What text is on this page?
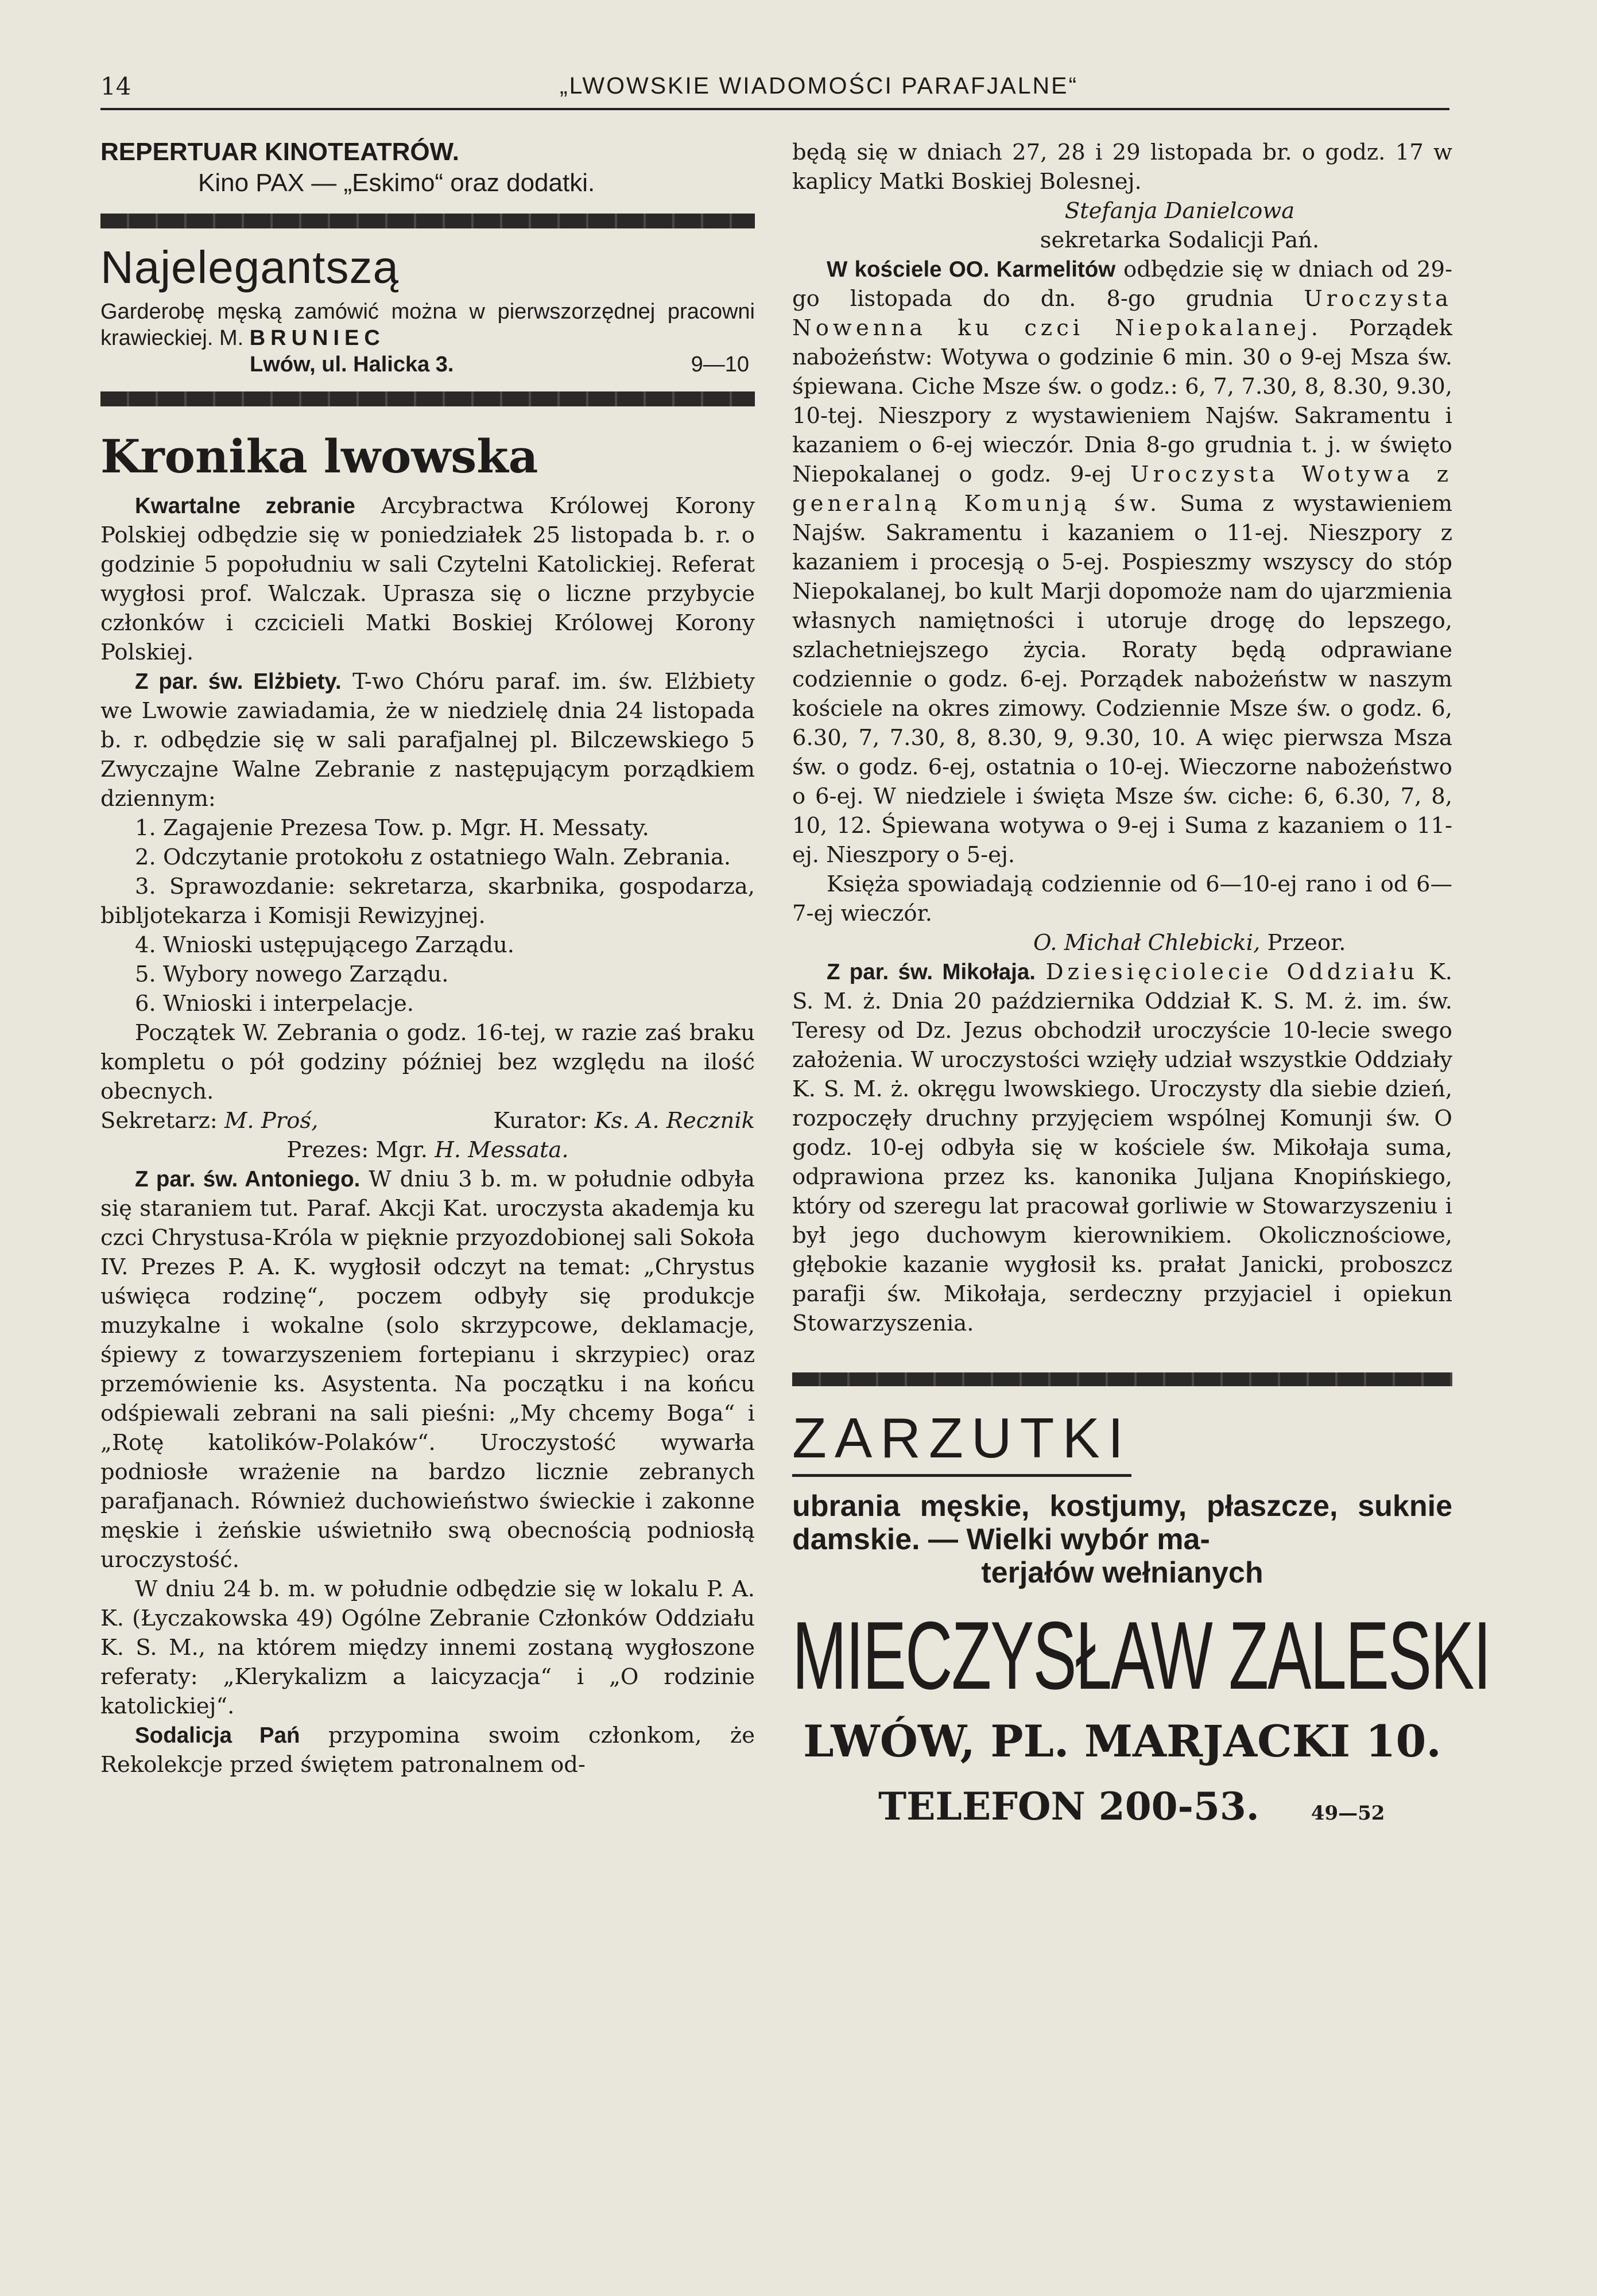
14	„LWOWSKIE WIADOMOŚCI PARAFJALNE“

REPERTUAR KINOTEATRÓW.

Kino PAX — „Eskimo“ oraz dodatki.

Najelegantszą

Garderobę męską zamówić można w pierwszorzędnej pracowni krawieckiej. M. BRUNIEC
Lwów, ul. Halicka 3.	9—10

Kronika lwowska

Kwartalne zebranie Arcybractwa Królowej Korony Polskiej odbędzie się w poniedziałek 25 listopada b. r. o godzinie 5 popołudniu w sali Czytelni Katolickiej. Referat wygłosi prof. Walczak. Uprasza się o liczne przybycie członków i czcicieli Matki Boskiej Królowej Korony Polskiej.

Z par. św. Elżbiety. T-wo Chóru paraf. im. św. Elżbiety we Lwowie zawiadamia, że w niedzielę dnia 24 listopada b. r. odbędzie się w sali parafjalnej pl. Bilczewskiego 5 Zwyczajne Walne Zebranie z następującym porządkiem dziennym:

1. Zagajenie Prezesa Tow. p. Mgr. H. Messaty.

2. Odczytanie protokołu z ostatniego Waln. Zebrania.

3. Sprawozdanie: sekretarza, skarbnika, gospodarza, bibljotekarza i Komisji Rewizyjnej.

4. Wnioski ustępującego Zarządu.

5. Wybory nowego Zarządu.

6. Wnioski i interpelacje.

Początek W. Zebrania o godz. 16-tej, w razie zaś braku kompletu o pół godziny później bez względu na ilość obecnych.

Sekretarz: M. Proś,	Kurator: Ks. A. Recznik

Prezes: Mgr. H. Messata.

Z par. św. Antoniego. W dniu 3 b. m. w południe odbyła się staraniem tut. Paraf. Akcji Kat. uroczysta akademja ku czci Chrystusa-Króla w pięknie przyozdobionej sali Sokoła IV. Prezes P. A. K. wygłosił odczyt na temat: „Chrystus uświęca rodzinę“, poczem odbyły się produkcje muzykalne i wokalne (solo skrzypcowe, deklamacje, śpiewy z towarzyszeniem fortepianu i skrzypiec) oraz przemówienie ks. Asystenta. Na początku i na końcu odśpiewali zebrani na sali pieśni: „My chcemy Boga“ i „Rotę katolików-Polaków“. Uroczystość wywarła podniosłe wrażenie na bardzo licznie zebranych parafjanach. Również duchowieństwo świeckie i zakonne męskie i żeńskie uświetniło swą obecnością podniosłą uroczystość.

W dniu 24 b. m. w południe odbędzie się w lokalu P. A. K. (Łyczakowska 49) Ogólne Zebranie Członków Oddziału K. S. M., na którem między innemi zostaną wygłoszone referaty: „Klerykalizm a laicyzacja“ i „O rodzinie katolickiej“.

Sodalicja Pań przypomina swoim członkom, że Rekolekcje przed świętem patronalnem od-

będą się w dniach 27, 28 i 29 listopada br. o godz. 17 w kaplicy Matki Boskiej Bolesnej.

Stefanja Danielcowa

sekretarka Sodalicji Pań.

W kościele OO. Karmelitów odbędzie się w dniach od 29-go listopada do dn. 8-go grudnia Uroczysta Nowenna ku czci Niepokalanej. Porządek nabożeństw: Wotywa o godzinie 6 min. 30 o 9-ej Msza św. śpiewana. Ciche Msze św. o godz.: 6, 7, 7.30, 8, 8.30, 9.30, 10-tej. Nieszpory z wystawieniem Najśw. Sakramentu i kazaniem o 6-ej wieczór. Dnia 8-go grudnia t. j. w święto Niepokalanej o godz. 9-ej Uroczysta Wotywa z generalną Komunją św. Suma z wystawieniem Najśw. Sakramentu i kazaniem o 11-ej. Nieszpory z kazaniem i procesją o 5-ej. Pospieszmy wszyscy do stóp Niepokalanej, bo kult Marji dopomoże nam do ujarzmienia własnych namiętności i utoruje drogę do lepszego, szlachetniejszego życia. Roraty będą odprawiane codziennie o godz. 6-ej. Porządek nabożeństw w naszym kościele na okres zimowy. Codziennie Msze św. o godz. 6, 6.30, 7, 7.30, 8, 8.30, 9, 9.30, 10. A więc pierwsza Msza św. o godz. 6-ej, ostatnia o 10-ej. Wieczorne nabożeństwo o 6-ej. W niedziele i święta Msze św. ciche: 6, 6.30, 7, 8, 10, 12. Śpiewana wotywa o 9-ej i Suma z kazaniem o 11-ej. Nieszpory o 5-ej.

Księża spowiadają codziennie od 6—10-ej rano i od 6—7-ej wieczór.

O. Michał Chlebicki, Przeor.

Z par. św. Mikołaja. Dziesięciolecie Oddziału K. S. M. ż. Dnia 20 października Oddział K. S. M. ż. im. św. Teresy od Dz. Jezus obchodził uroczyście 10-lecie swego założenia. W uroczystości wzięły udział wszystkie Oddziały K. S. M. ż. okręgu lwowskiego. Uroczysty dla siebie dzień, rozpoczęły druchny przyjęciem wspólnej Komunji św. O godz. 10-ej odbyła się w kościele św. Mikołaja suma, odprawiona przez ks. kanonika Juljana Knopińskiego, który od szeregu lat pracował gorliwie w Stowarzyszeniu i był jego duchowym kierownikiem. Okolicznościowe, głębokie kazanie wygłosił ks. prałat Janicki, proboszcz parafji św. Mikołaja, serdeczny przyjaciel i opiekun Stowarzyszenia.

ZARZUTKI

ubrania męskie, kostjumy, płaszcze, suknie damskie. — Wielki wybór ma-

terjałów wełnianych

MIECZYSŁAW ZALESKI

LWÓW, PL. MARJACKI 10.

TELEFON 200-53.	49—52
